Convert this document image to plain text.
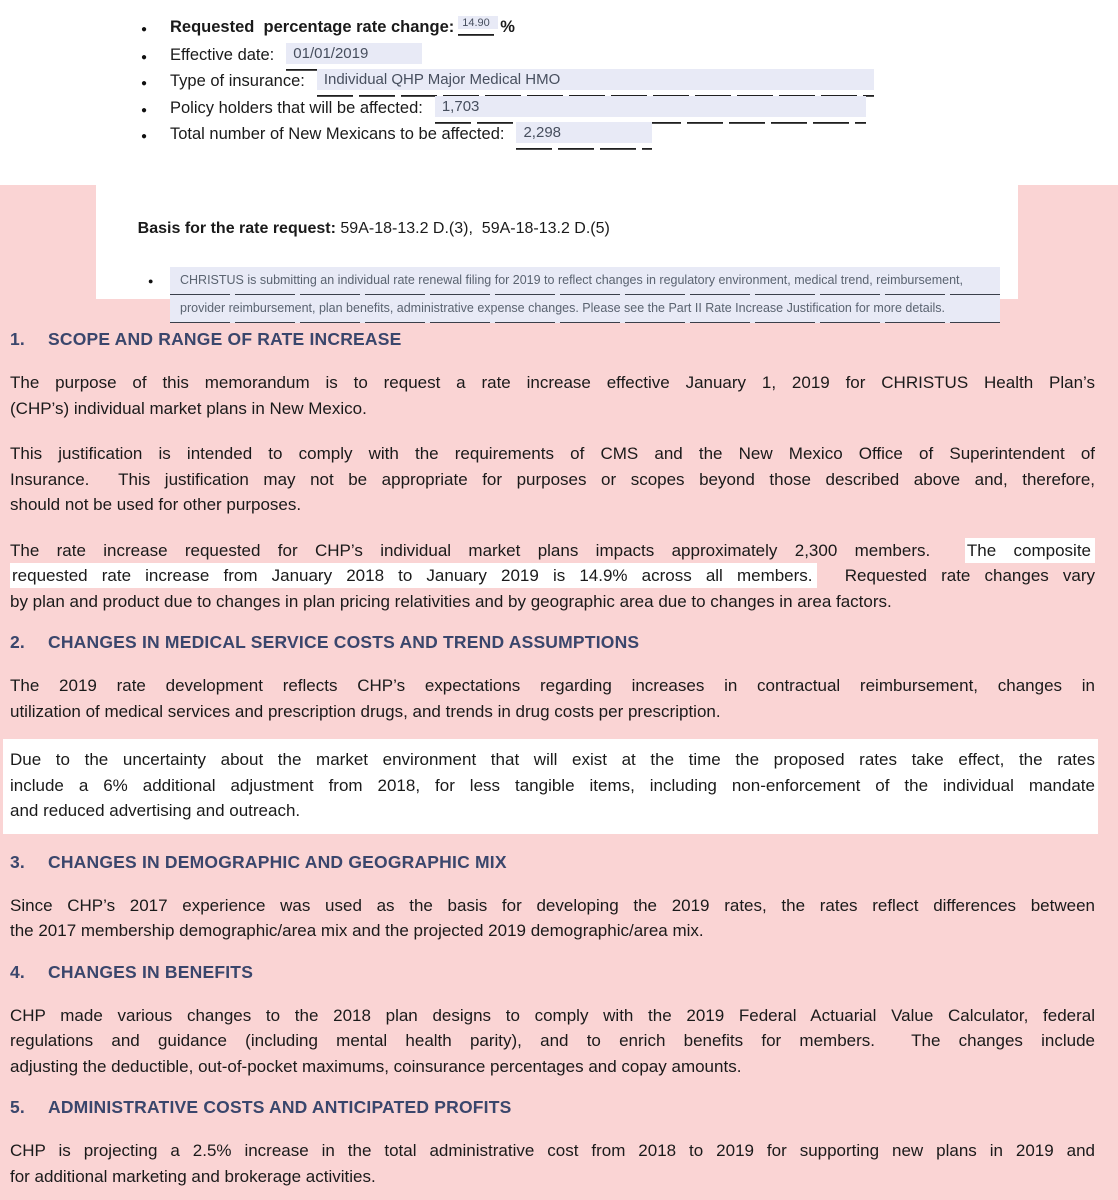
●	Requested  percentage rate change: 14.90 %
●	Effective date:	01/01/2019
●	Type of insurance:	Individual QHP Major Medical HMO
●	Policy holders that will be affected:	1,703
●	Total number of New Mexicans to be affected:	2,298

Basis for the rate request: 59A-18-13.2 D.(3),  59A-18-13.2 D.(5)

●	CHRISTUS is submitting an individual rate renewal filing for 2019 to reflect changes in regulatory environment, medical trend, reimbursement,
provider reimbursement, plan benefits, administrative expense changes. Please see the Part II Rate Increase Justification for more details.
1.	SCOPE AND RANGE OF RATE INCREASE
The purpose of this memorandum is to request a rate increase effective January 1, 2019 for CHRISTUS Health Plan’s
(CHP’s) individual market plans in New Mexico.
This justification is intended to comply with the requirements of CMS and the New Mexico Office of Superintendent of
Insurance.  This justification may not be appropriate for purposes or scopes beyond those described above and, therefore,
should not be used for other purposes.
The rate increase requested for CHP’s individual market plans impacts approximately 2,300 members.  The composite
requested rate increase from January 2018 to January 2019 is 14.9% across all members.  Requested rate changes vary
by plan and product due to changes in plan pricing relativities and by geographic area due to changes in area factors.
2.	CHANGES IN MEDICAL SERVICE COSTS AND TREND ASSUMPTIONS
The 2019 rate development reflects CHP’s expectations regarding increases in contractual reimbursement, changes in
utilization of medical services and prescription drugs, and trends in drug costs per prescription.
Due to the uncertainty about the market environment that will exist at the time the proposed rates take effect, the rates
include a 6% additional adjustment from 2018, for less tangible items, including non-enforcement of the individual mandate
and reduced advertising and outreach.
3.	CHANGES IN DEMOGRAPHIC AND GEOGRAPHIC MIX
Since CHP’s 2017 experience was used as the basis for developing the 2019 rates, the rates reflect differences between
the 2017 membership demographic/area mix and the projected 2019 demographic/area mix.
4.	CHANGES IN BENEFITS
CHP made various changes to the 2018 plan designs to comply with the 2019 Federal Actuarial Value Calculator, federal
regulations and guidance (including mental health parity), and to enrich benefits for members.  The changes include
adjusting the deductible, out-of-pocket maximums, coinsurance percentages and copay amounts.
5.	ADMINISTRATIVE COSTS AND ANTICIPATED PROFITS
CHP is projecting a 2.5% increase in the total administrative cost from 2018 to 2019 for supporting new plans in 2019 and
for additional marketing and brokerage activities.
